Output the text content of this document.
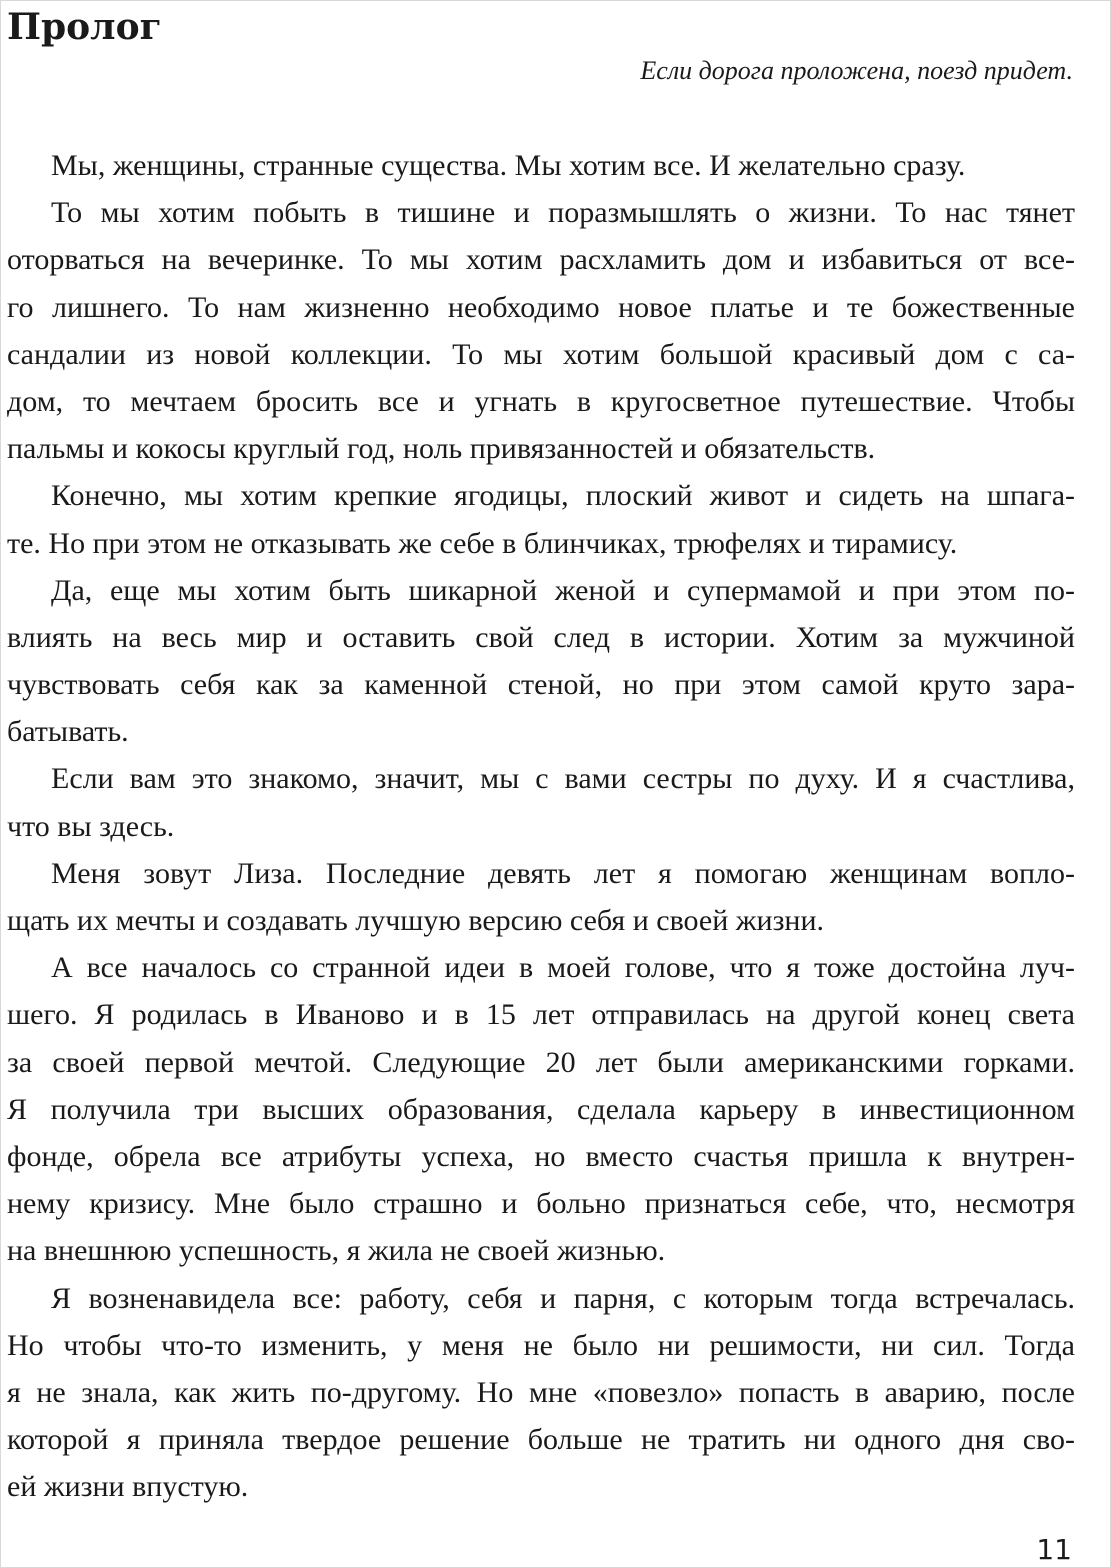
Пролог

Если дорога проложена, поезд придет.

Мы, женщины, странные существа. Мы хотим все. И желательно сразу.
То мы хотим побыть в тишине и поразмышлять о жизни. То нас тянет
оторваться на вечеринке. То мы хотим расхламить дом и избавиться от все-
го лишнего. То нам жизненно необходимо новое платье и те божественные
сандалии из новой коллекции. То мы хотим большой красивый дом с са-
дом, то мечтаем бросить все и угнать в кругосветное путешествие. Чтобы
пальмы и кокосы круглый год, ноль привязанностей и обязательств.
Конечно, мы хотим крепкие ягодицы, плоский живот и сидеть на шпага-
те. Но при этом не отказывать же себе в блинчиках, трюфелях и тирамису.
Да, еще мы хотим быть шикарной женой и супермамой и при этом по-
влиять на весь мир и оставить свой след в истории. Хотим за мужчиной
чувствовать себя как за каменной стеной, но при этом самой круто зара-
батывать.
Если вам это знакомо, значит, мы с вами сестры по духу. И я счастлива,
что вы здесь.
Меня зовут Лиза. Последние девять лет я помогаю женщинам вопло-
щать их мечты и создавать лучшую версию себя и своей жизни.
А все началось со странной идеи в моей голове, что я тоже достойна луч-
шего. Я родилась в Иваново и в 15 лет отправилась на другой конец света
за своей первой мечтой. Следующие 20 лет были американскими горками.
Я получила три высших образования, сделала карьеру в инвестиционном
фонде, обрела все атрибуты успеха, но вместо счастья пришла к внутрен-
нему кризису. Мне было страшно и больно признаться себе, что, несмотря
на внешнюю успешность, я жила не своей жизнью.
Я возненавидела все: работу, себя и парня, с которым тогда встречалась.
Но чтобы что-то изменить, у меня не было ни решимости, ни сил. Тогда
я не знала, как жить по-другому. Но мне «повезло» попасть в аварию, после
которой я приняла твердое решение больше не тратить ни одного дня сво-
ей жизни впустую.

11
